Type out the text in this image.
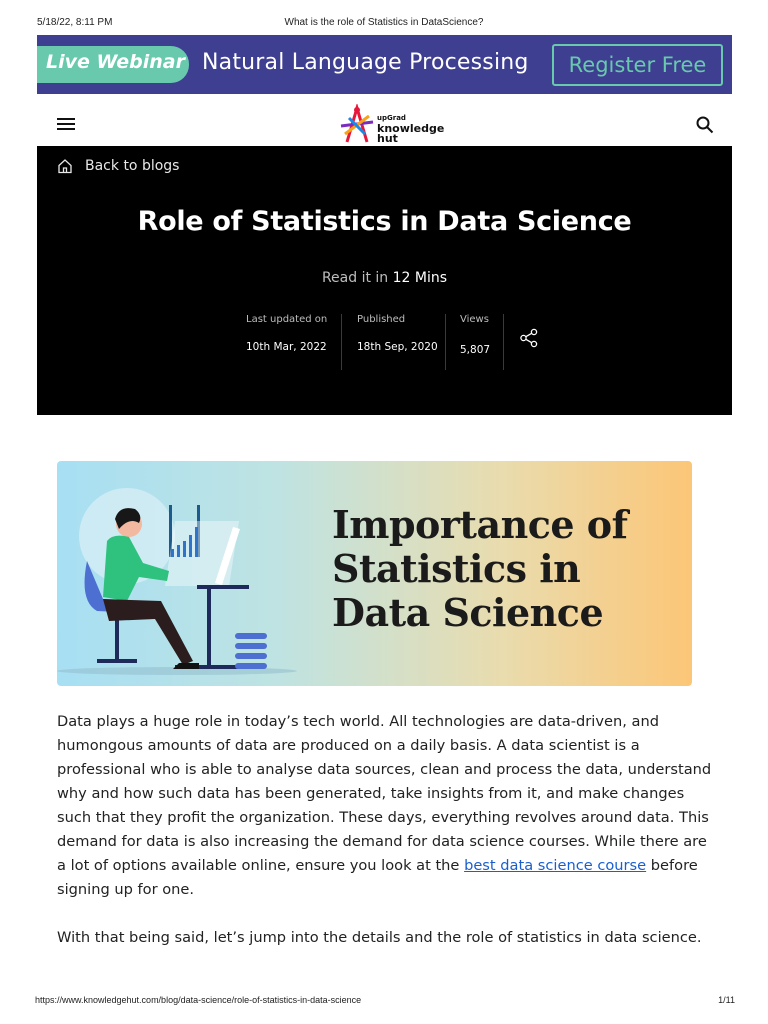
5/18/22, 8:11 PM	What is the role of Statistics in DataScience?
Live Webinar Natural Language Processing	Register Free
upGrad
knowledge
hut
Back to blogs
Role of Statistics in Data Science
Read it in 12 Mins
Last updated on
10th Mar, 2022
Published
18th Sep, 2020
Views
5,807
Importance of
Statistics in
Data Science

Data plays a huge role in today’s tech world. All technologies are data-driven, and humongous amounts of data are produced on a daily basis. A data scientist is a professional who is able to analyse data sources, clean and process the data, understand why and how such data has been generated, take insights from it, and make changes such that they profit the organization. These days, everything revolves around data. This demand for data is also increasing the demand for data science courses. While there are a lot of options available online, ensure you look at the best data science course before signing up for one.

With that being said, let’s jump into the details and the role of statistics in data science.

https://www.knowledgehut.com/blog/data-science/role-of-statistics-in-data-science	1/11
